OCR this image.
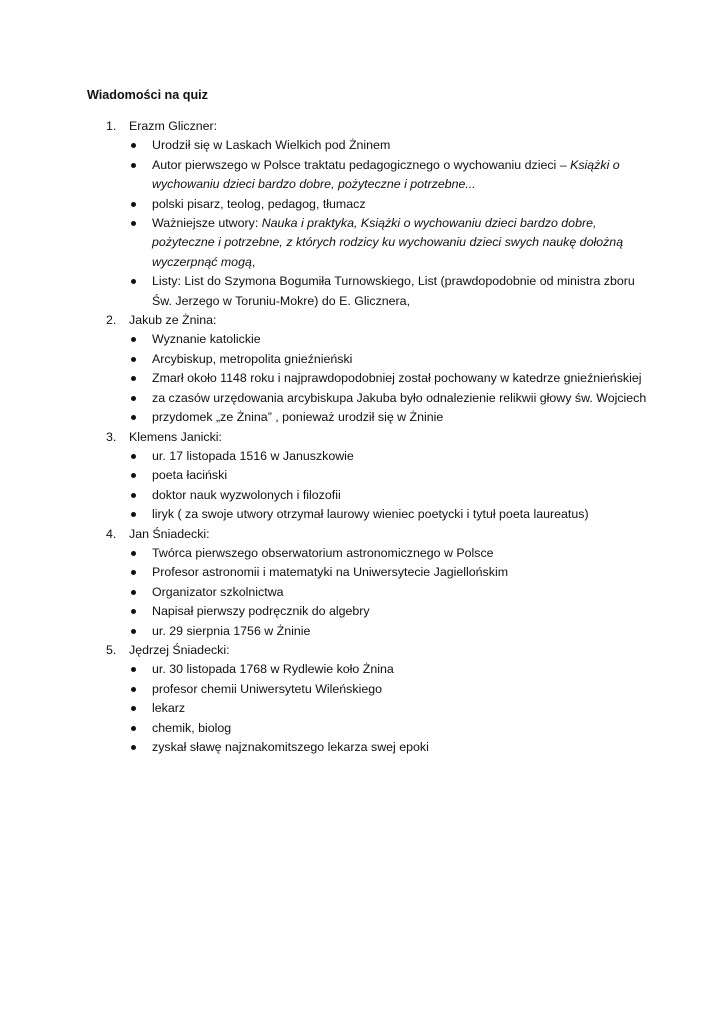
Wiadomości na quiz
1. Erazm Gliczner:
Urodził się w Laskach Wielkich pod Żninem
Autor pierwszego w Polsce traktatu pedagogicznego o wychowaniu dzieci – Książki o wychowaniu dzieci bardzo dobre, pożyteczne i potrzebne...
polski pisarz, teolog, pedagog, tłumacz
Ważniejsze utwory: Nauka i praktyka, Książki o wychowaniu dzieci bardzo dobre, pożyteczne i potrzebne, z których rodzicy ku wychowaniu dzieci swych naukę dołożną wyczerpnąć mogą,
Listy: List do Szymona Bogumiła Turnowskiego, List (prawdopodobnie od ministra zboru Św. Jerzego w Toruniu-Mokre) do E. Glicznera,
2. Jakub ze Żnina:
Wyznanie katolickie
Arcybiskup, metropolita gnieźnieński
Zmarł około 1148 roku i najprawdopodobniej został pochowany w katedrze gnieźnieńskiej
za czasów urzędowania arcybiskupa Jakuba było odnalezienie relikwii głowy św. Wojciech
przydomek „ze Żnina” , ponieważ urodził się w Żninie
3. Klemens Janicki:
ur. 17 listopada 1516 w Januszkowie
poeta łaciński
doktor nauk wyzwolonych i filozofii
liryk ( za swoje utwory otrzymał laurowy wieniec poetycki i tytuł poeta laureatus)
4. Jan Śniadecki:
Twórca pierwszego obserwatorium astronomicznego w Polsce
Profesor astronomii i matematyki na Uniwersytecie Jagiellońskim
Organizator szkolnictwa
Napisał pierwszy podręcznik do algebry
ur. 29 sierpnia 1756 w Żninie
5. Jędrzej Śniadecki:
ur. 30 listopada 1768 w Rydlewie koło Żnina
profesor chemii Uniwersytetu Wileńskiego
lekarz
chemik, biolog
zyskał sławę najznakomitszego lekarza swej epoki
